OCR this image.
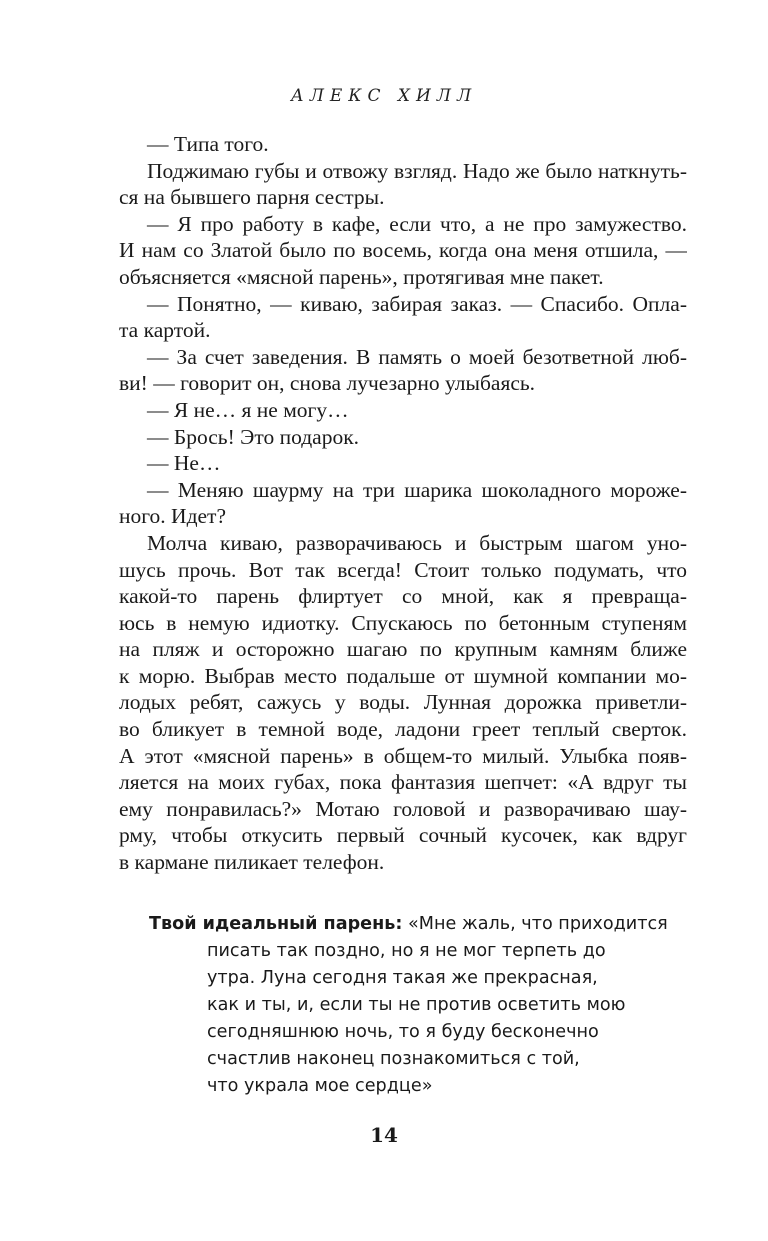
АЛЕКС ХИЛЛ
— Типа того.
Поджимаю губы и отвожу взгляд. Надо же было наткнуть-
ся на бывшего парня сестры.
— Я про работу в кафе, если что, а не про замужество.
И нам со Златой было по восемь, когда она меня отшила, —
объясняется «мясной парень», протягивая мне пакет.
— Понятно, — киваю, забирая заказ. — Спасибо. Опла-
та картой.
— За счет заведения. В память о моей безответной люб-
ви! — говорит он, снова лучезарно улыбаясь.
— Я не… я не могу…
— Брось! Это подарок.
— Не…
— Меняю шаурму на три шарика шоколадного мороже-
ного. Идет?
Молча киваю, разворачиваюсь и быстрым шагом уно-
шусь прочь. Вот так всегда! Стоит только подумать, что
какой-то парень флиртует со мной, как я превраща-
юсь в немую идиотку. Спускаюсь по бетонным ступеням
на пляж и осторожно шагаю по крупным камням ближе
к морю. Выбрав место подальше от шумной компании мо-
лодых ребят, сажусь у воды. Лунная дорожка приветли-
во бликует в темной воде, ладони греет теплый сверток.
А этот «мясной парень» в общем-то милый. Улыбка появ-
ляется на моих губах, пока фантазия шепчет: «А вдруг ты
ему понравилась?» Мотаю головой и разворачиваю шау-
рму, чтобы откусить первый сочный кусочек, как вдруг
в кармане пиликает телефон.
Твой идеальный парень: «Мне жаль, что приходится
писать так поздно, но я не мог терпеть до
утра. Луна сегодня такая же прекрасная,
как и ты, и, если ты не против осветить мою
сегодняшнюю ночь, то я буду бесконечно
счастлив наконец познакомиться с той,
что украла мое сердце»
14
